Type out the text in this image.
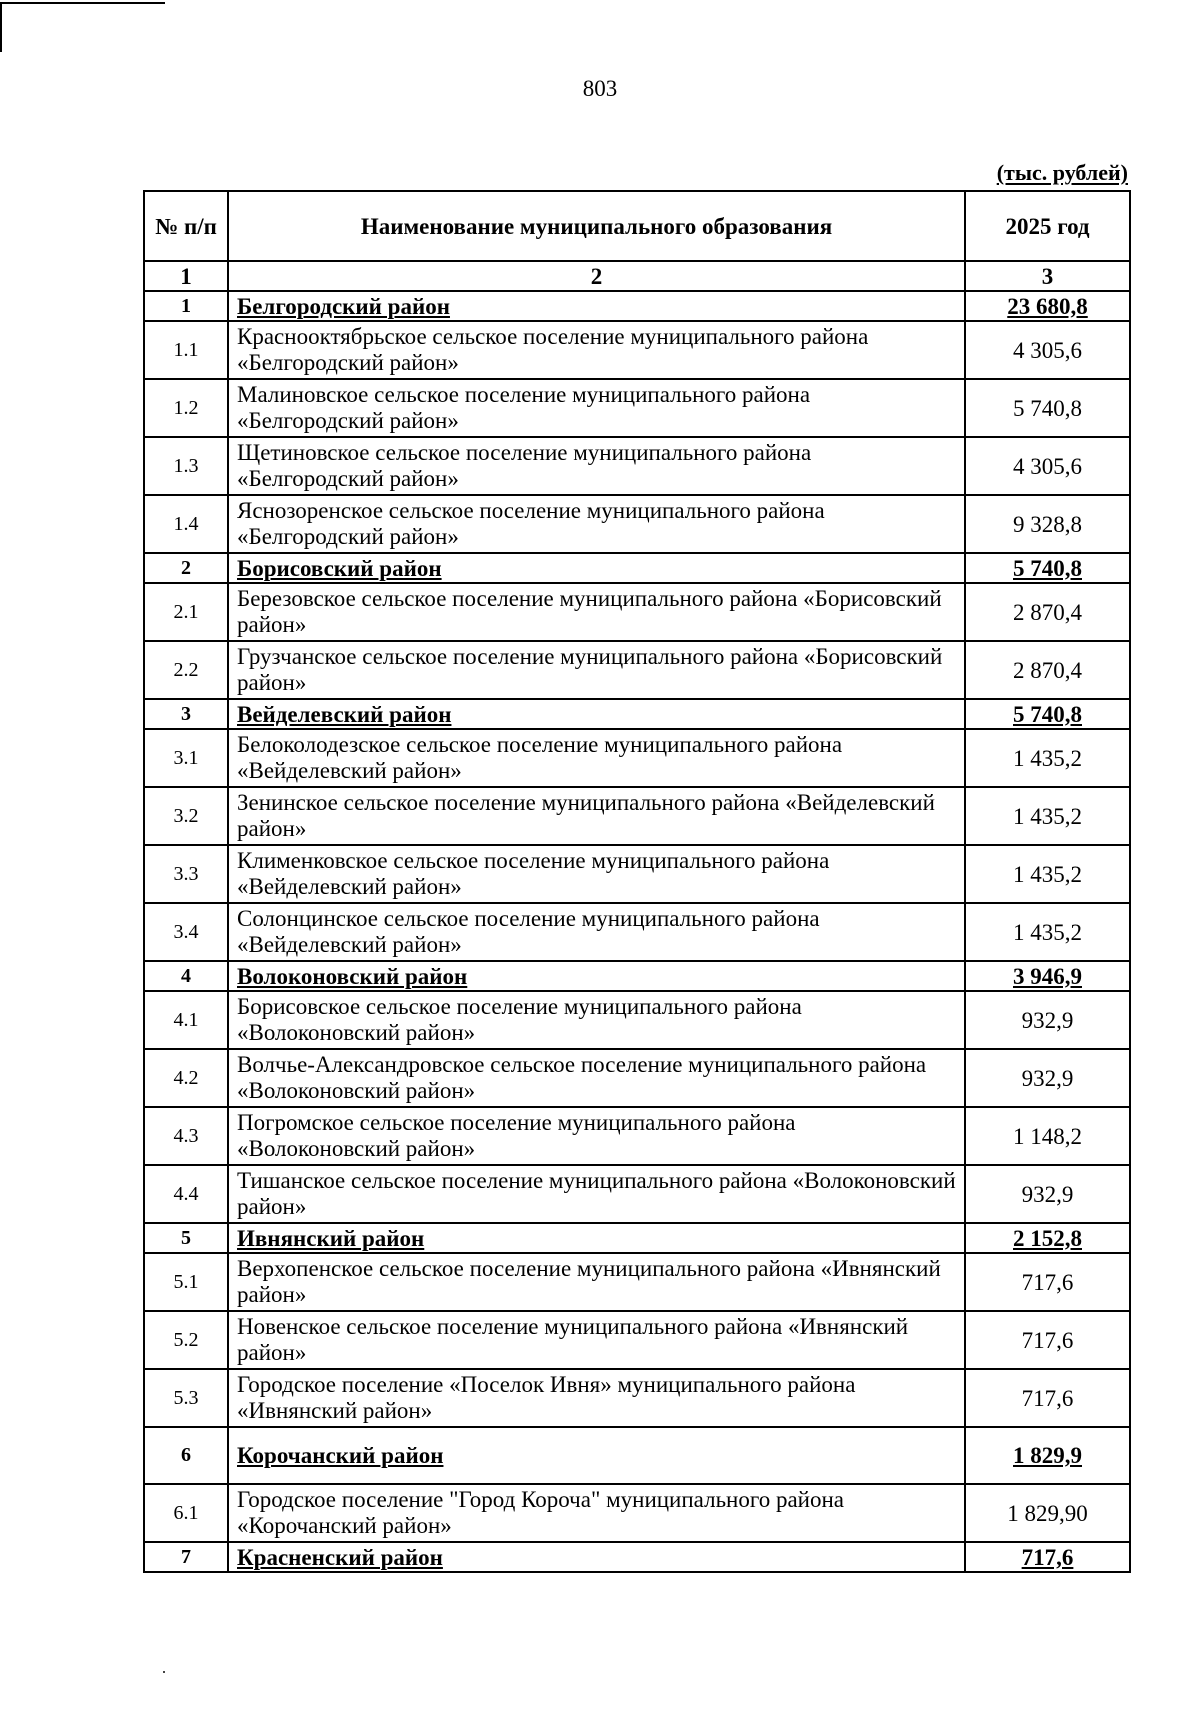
803
(тыс. рублей)
№ п/п	Наименование муниципального образования	2025 год
1	2	3
1	Белгородский район	23 680,8
1.1	Краснооктябрьское сельское поселение муниципального района «Белгородский район»	4 305,6
1.2	Малиновское сельское поселение муниципального района «Белгородский район»	5 740,8
1.3	Щетиновское сельское поселение муниципального района «Белгородский район»	4 305,6
1.4	Яснозоренское сельское поселение муниципального района «Белгородский район»	9 328,8
2	Борисовский район	5 740,8
2.1	Березовское сельское поселение муниципального района «Борисовский район»	2 870,4
2.2	Грузчанское сельское поселение муниципального района «Борисовский район»	2 870,4
3	Вейделевский район	5 740,8
3.1	Белоколодезское сельское поселение муниципального района «Вейделевский район»	1 435,2
3.2	Зенинское сельское поселение муниципального района «Вейделевский район»	1 435,2
3.3	Клименковское сельское поселение муниципального района «Вейделевский район»	1 435,2
3.4	Солонцинское сельское поселение муниципального района «Вейделевский район»	1 435,2
4	Волоконовский район	3 946,9
4.1	Борисовское сельское поселение муниципального района «Волоконовский район»	932,9
4.2	Волчье-Александровское сельское поселение муниципального района «Волоконовский район»	932,9
4.3	Погромское сельское поселение муниципального района «Волоконовский район»	1 148,2
4.4	Тишанское сельское поселение муниципального района «Волоконовский район»	932,9
5	Ивнянский район	2 152,8
5.1	Верхопенское сельское поселение муниципального района «Ивнянский район»	717,6
5.2	Новенское сельское поселение муниципального района «Ивнянский район»	717,6
5.3	Городское поселение «Поселок Ивня» муниципального района «Ивнянский район»	717,6
6	Корочанский район	1 829,9
6.1	Городское поселение "Город Короча" муниципального района «Корочанский район»	1 829,90
7	Красненский район	717,6
